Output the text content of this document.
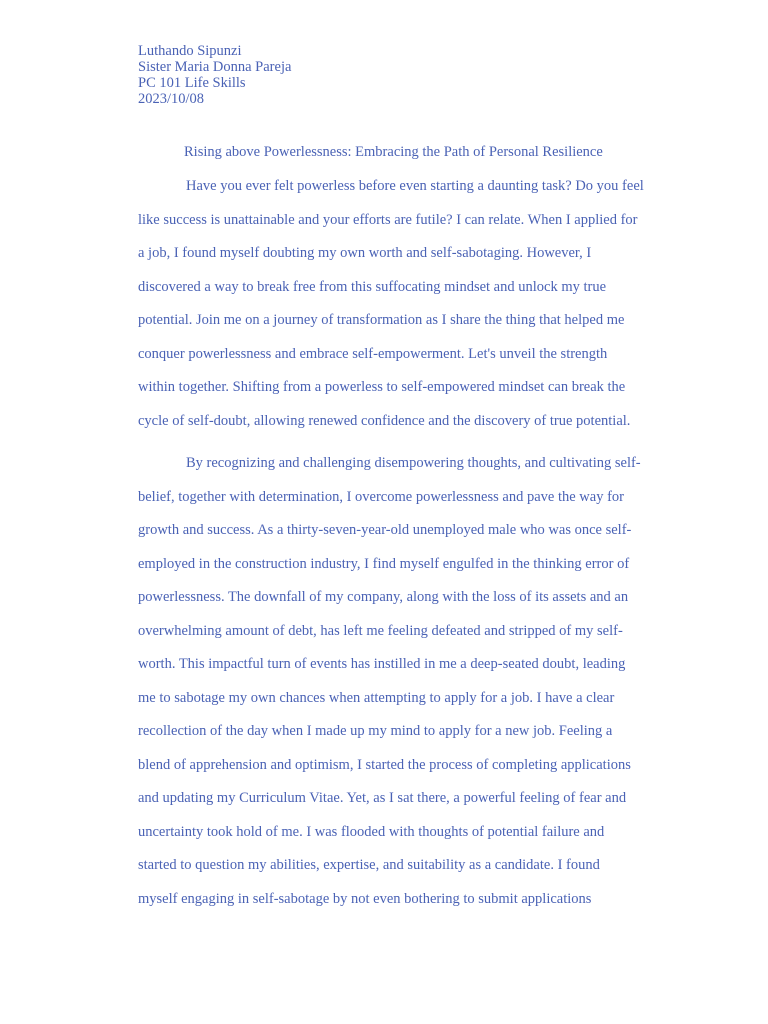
Luthando Sipunzi
Sister Maria Donna Pareja
PC 101 Life Skills
2023/10/08
Rising above Powerlessness: Embracing the Path of Personal Resilience
Have you ever felt powerless before even starting a daunting task? Do you feel
like success is unattainable and your efforts are futile? I can relate. When I applied for
a job, I found myself doubting my own worth and self-sabotaging. However, I
discovered a way to break free from this suffocating mindset and unlock my true
potential. Join me on a journey of transformation as I share the thing that helped me
conquer powerlessness and embrace self-empowerment. Let's unveil the strength
within together. Shifting from a powerless to self-empowered mindset can break the
cycle of self-doubt, allowing renewed confidence and the discovery of true potential.
By recognizing and challenging disempowering thoughts, and cultivating self-
belief, together with determination, I overcome powerlessness and pave the way for
growth and success. As a thirty-seven-year-old unemployed male who was once self-
employed in the construction industry, I find myself engulfed in the thinking error of
powerlessness. The downfall of my company, along with the loss of its assets and an
overwhelming amount of debt, has left me feeling defeated and stripped of my self-
worth. This impactful turn of events has instilled in me a deep-seated doubt, leading
me to sabotage my own chances when attempting to apply for a job. I have a clear
recollection of the day when I made up my mind to apply for a new job. Feeling a
blend of apprehension and optimism, I started the process of completing applications
and updating my Curriculum Vitae. Yet, as I sat there, a powerful feeling of fear and
uncertainty took hold of me. I was flooded with thoughts of potential failure and
started to question my abilities, expertise, and suitability as a candidate. I found
myself engaging in self-sabotage by not even bothering to submit applications
